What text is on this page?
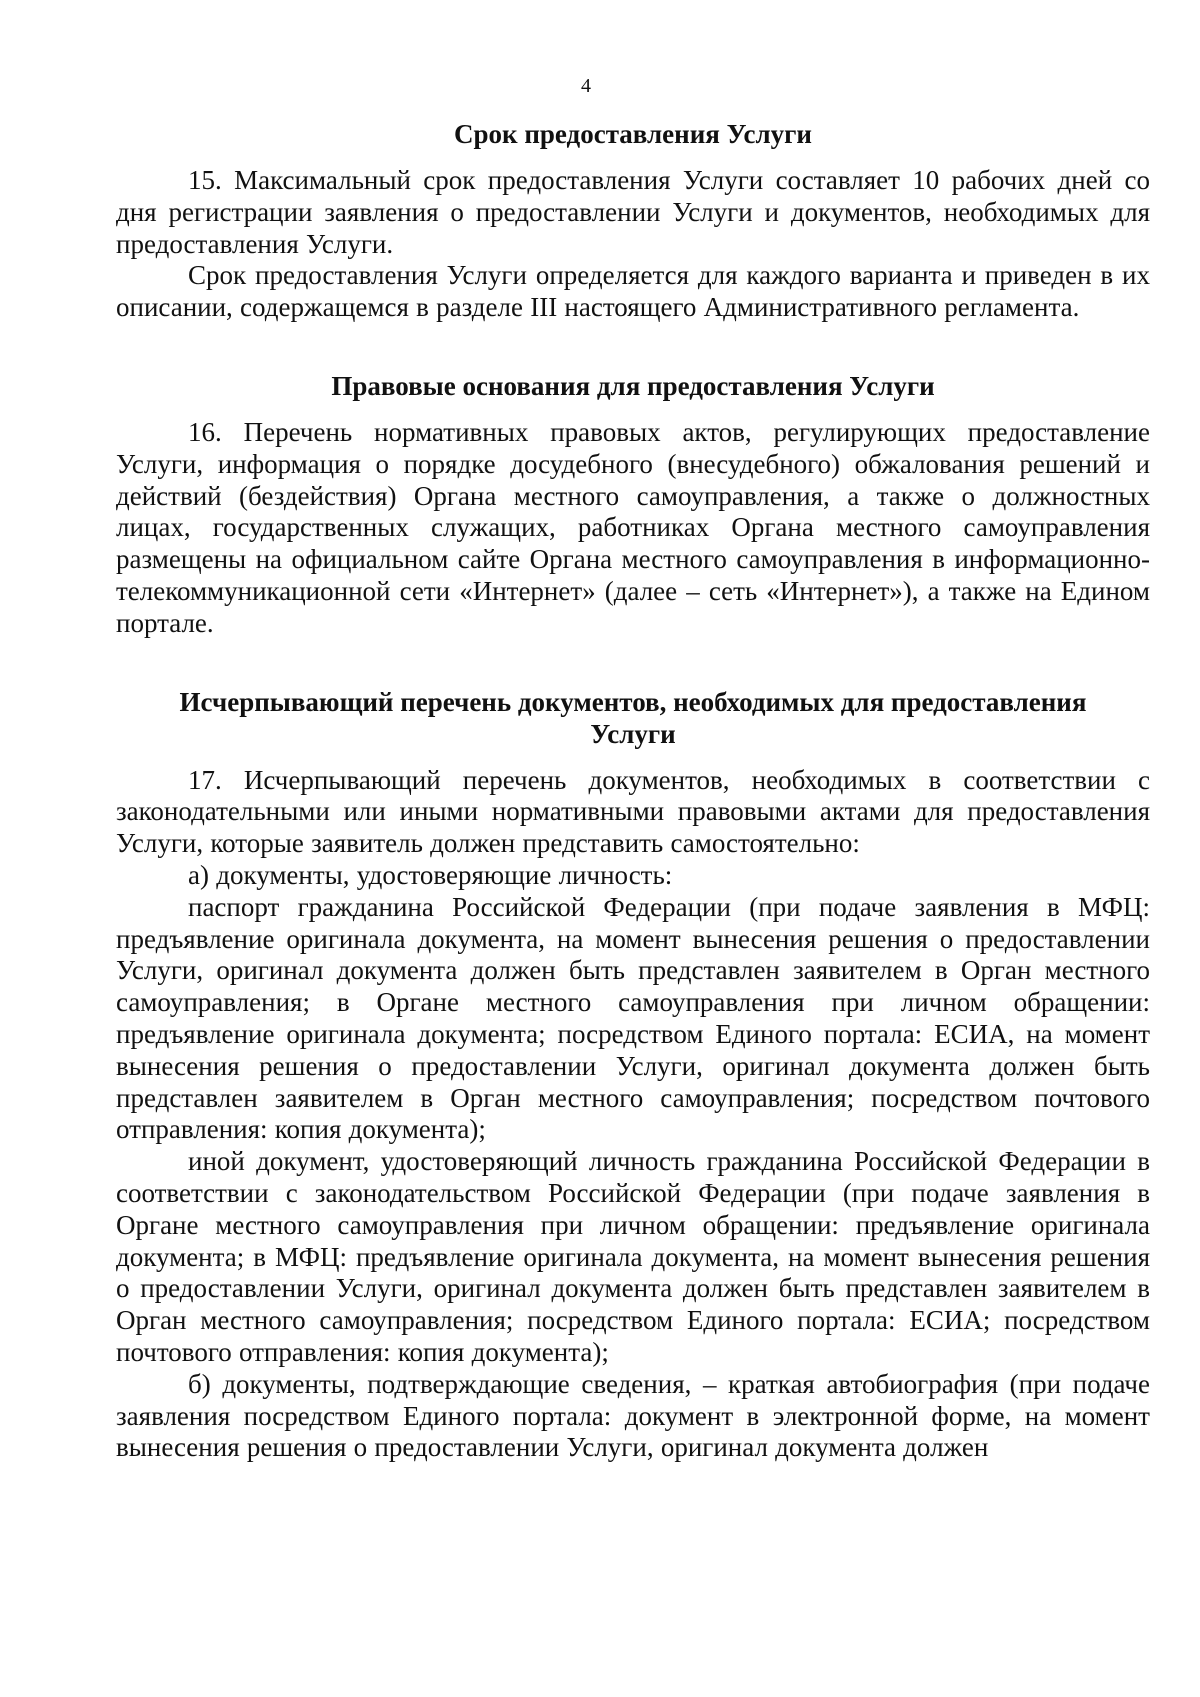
4
Срок предоставления Услуги

15. Максимальный срок предоставления Услуги составляет 10 рабочих дней со дня регистрации заявления о предоставлении Услуги и документов, необходимых для предоставления Услуги.

Срок предоставления Услуги определяется для каждого варианта и приведен в их описании, содержащемся в разделе III настоящего Административного регламента.

Правовые основания для предоставления Услуги

16. Перечень нормативных правовых актов, регулирующих предоставление Услуги, информация о порядке досудебного (внесудебного) обжалования решений и действий (бездействия) Органа местного самоуправления, а также о должностных лицах, государственных служащих, работниках Органа местного самоуправления размещены на официальном сайте Органа местного самоуправления в информационно-телекоммуникационной сети «Интернет» (далее – сеть «Интернет»), а также на Едином портале.

Исчерпывающий перечень документов, необходимых для предоставления
Услуги

17. Исчерпывающий перечень документов, необходимых в соответствии с законодательными или иными нормативными правовыми актами для предоставления Услуги, которые заявитель должен представить самостоятельно:

а) документы, удостоверяющие личность:

паспорт гражданина Российской Федерации (при подаче заявления в МФЦ: предъявление оригинала документа, на момент вынесения решения о предоставлении Услуги, оригинал документа должен быть представлен заявителем в Орган местного самоуправления; в Органе местного самоуправления при личном обращении: предъявление оригинала документа; посредством Единого портала: ЕСИА, на момент вынесения решения о предоставлении Услуги, оригинал документа должен быть представлен заявителем в Орган местного самоуправления; посредством почтового отправления: копия документа);

иной документ, удостоверяющий личность гражданина Российской Федерации в соответствии с законодательством Российской Федерации (при подаче заявления в Органе местного самоуправления при личном обращении: предъявление оригинала документа; в МФЦ: предъявление оригинала документа, на момент вынесения решения о предоставлении Услуги, оригинал документа должен быть представлен заявителем в Орган местного самоуправления; посредством Единого портала: ЕСИА; посредством почтового отправления: копия документа);

б) документы, подтверждающие сведения, – краткая автобиография (при подаче заявления посредством Единого портала: документ в электронной форме, на момент вынесения решения о предоставлении Услуги, оригинал документа должен
